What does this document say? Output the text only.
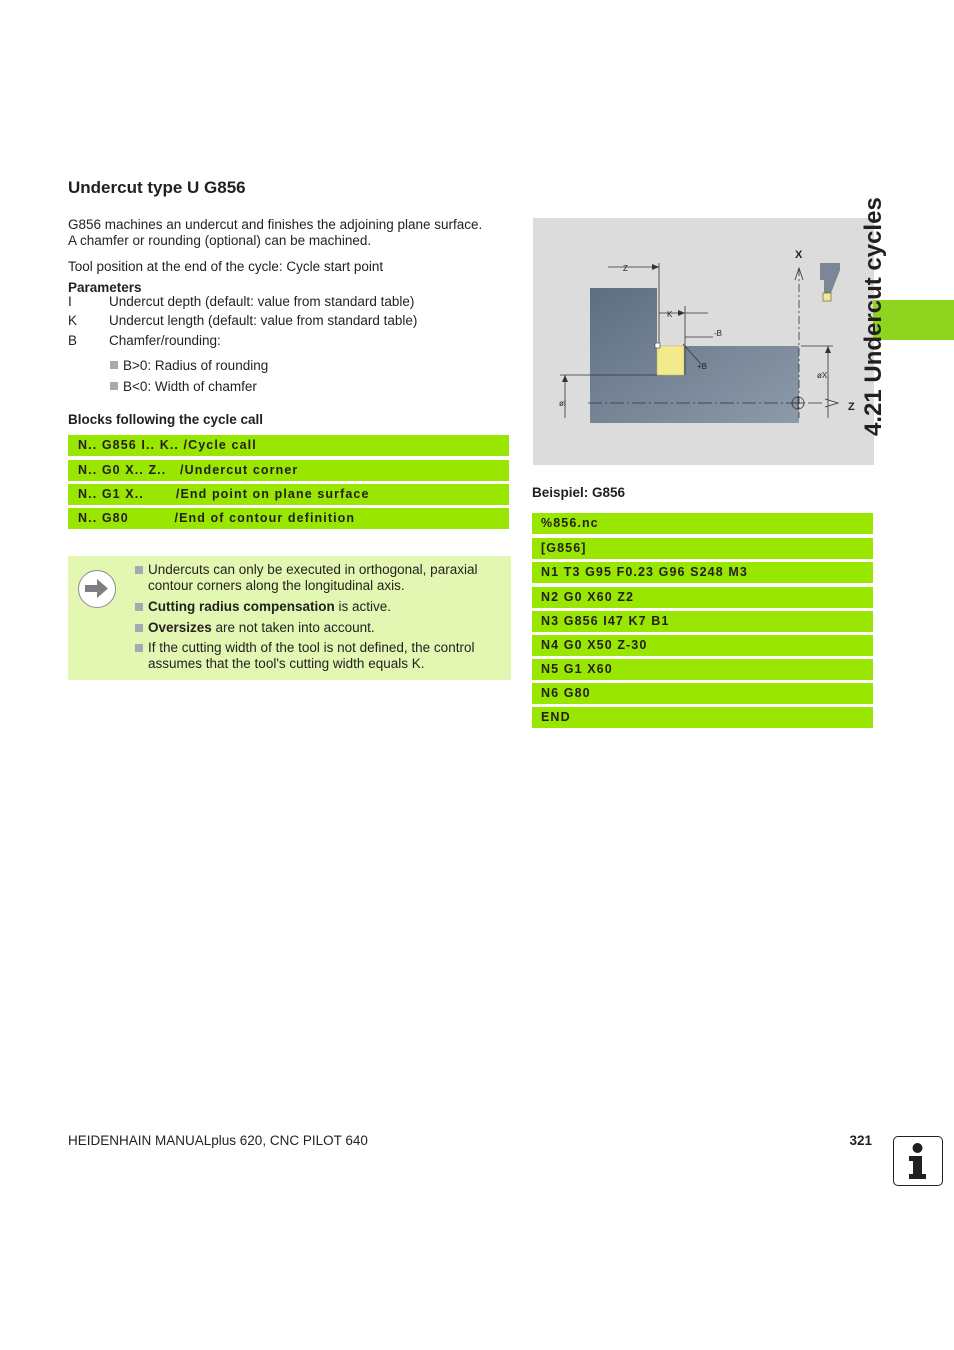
Undercut type U G856
G856 machines an undercut and finishes the adjoining plane surface.
A chamfer or rounding (optional) can be machined.
Tool position at the end of the cycle: Cycle start point
Parameters
I	Undercut depth (default: value from standard table)
K Undercut length (default: value from standard table)
B Chamfer/rounding:
B>0: Radius of rounding
B<0: Width of chamfer
Blocks following the cycle call
N.. G856 I.. K.. /Cycle call
N.. G0 X.. Z..   /Undercut corner
N.. G1 X..       /End point on plane surface
N.. G80          /End of contour definition
Undercuts can only be executed in orthogonal, paraxial
contour corners along the longitudinal axis.
Cutting radius compensation is active.
Oversizes are not taken into account.
If the cutting width of the tool is not defined, the control
assumes that the tool's cutting width equals K.
X
Z
Z
K
-B
+B
øX
øI
Beispiel: G856
%856.nc
[G856]
N1 T3 G95 F0.23 G96 S248 M3
N2 G0 X60 Z2
N3 G856 I47 K7 B1
N4 G0 X50 Z-30
N5 G1 X60
N6 G80
END
4.21 Undercut cycles
HEIDENHAIN MANUALplus 620, CNC PILOT 640	321
